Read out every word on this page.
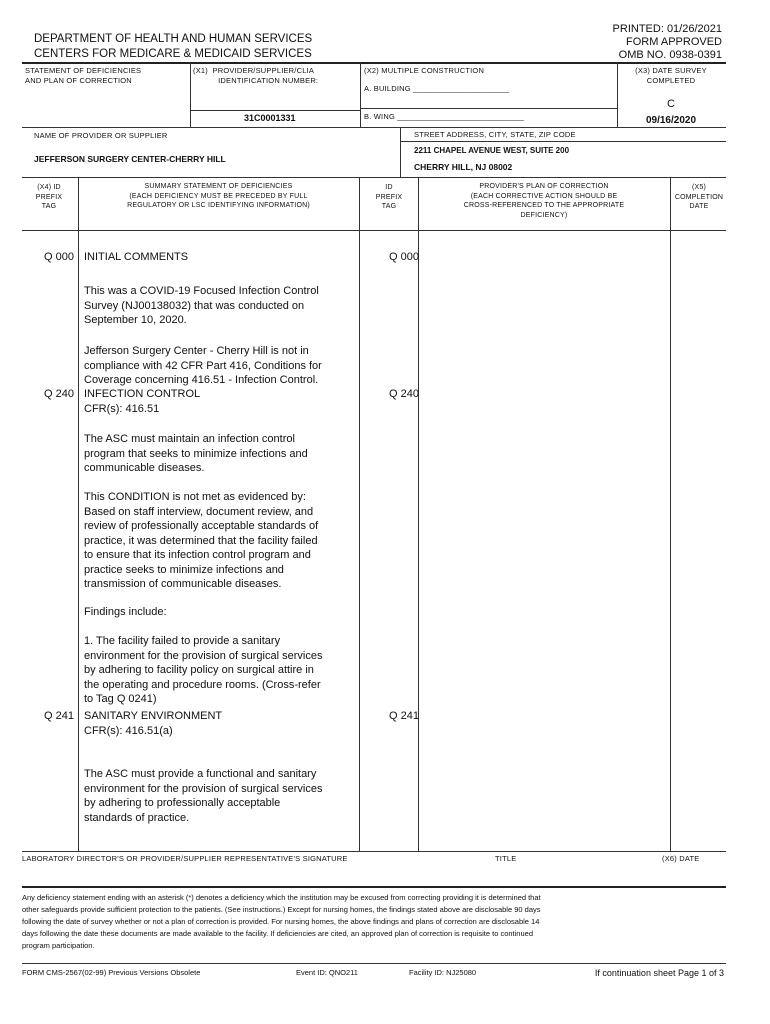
DEPARTMENT OF HEALTH AND HUMAN SERVICES
CENTERS FOR MEDICARE & MEDICAID SERVICES
PRINTED: 01/26/2021
FORM APPROVED
OMB NO. 0938-0391
STATEMENT OF DEFICIENCIES
AND PLAN OF CORRECTION
(X1)  PROVIDER/SUPPLIER/CLIA
IDENTIFICATION NUMBER:
31C0001331
(X2) MULTIPLE CONSTRUCTION
A. BUILDING ______________________
B. WING _____________________________
(X3) DATE SURVEY
COMPLETED
C
09/16/2020
NAME OF PROVIDER OR SUPPLIER
JEFFERSON SURGERY CENTER-CHERRY HILL
STREET ADDRESS, CITY, STATE, ZIP CODE
2211 CHAPEL AVENUE WEST, SUITE 200
CHERRY HILL, NJ 08002
(X4) ID
PREFIX
TAG
SUMMARY STATEMENT OF DEFICIENCIES
(EACH DEFICIENCY MUST BE PRECEDED BY FULL
REGULATORY OR LSC IDENTIFYING INFORMATION)
ID
PREFIX
TAG
PROVIDER'S PLAN OF CORRECTION
(EACH CORRECTIVE ACTION SHOULD BE
CROSS-REFERENCED TO THE APPROPRIATE
DEFICIENCY)
(X5)
COMPLETION
DATE
Q 000	Q 000
INITIAL COMMENTS
This was a COVID-19 Focused Infection Control
Survey (NJ00138032) that was conducted on
September 10, 2020.
Jefferson Surgery Center - Cherry Hill is not in
compliance with 42 CFR Part 416, Conditions for
Coverage concerning 416.51 - Infection Control.
Q 240	Q 240
INFECTION CONTROL
CFR(s): 416.51
The ASC must maintain an infection control
program that seeks to minimize infections and
communicable diseases.
This CONDITION is not met as evidenced by:
Based on staff interview, document review, and
review of professionally acceptable standards of
practice, it was determined that the facility failed
to ensure that its infection control program and
practice seeks to minimize infections and
transmission of communicable diseases.
Findings include:
1. The facility failed to provide a sanitary
environment for the provision of surgical services
by adhering to facility policy on surgical attire in
the operating and procedure rooms. (Cross-refer
to Tag Q 0241)
Q 241	Q 241
SANITARY ENVIRONMENT
CFR(s): 416.51(a)
The ASC must provide a functional and sanitary
environment for the provision of surgical services
by adhering to professionally acceptable
standards of practice.
LABORATORY DIRECTOR'S OR PROVIDER/SUPPLIER REPRESENTATIVE'S SIGNATURE	TITLE	(X6) DATE
Any deficiency statement ending with an asterisk (*) denotes a deficiency which the institution may be excused from correcting providing it is determined that
other safeguards provide sufficient protection to the patients. (See instructions.) Except for nursing homes, the findings stated above are disclosable 90 days
following the date of survey whether or not a plan of correction is provided. For nursing homes, the above findings and plans of correction are disclosable 14
days following the date these documents are made available to the facility. If deficiencies are cited, an approved plan of correction is requisite to continued
program participation.
FORM CMS-2567(02-99) Previous Versions Obsolete	Event ID: QNO211	Facility ID: NJ25080	If continuation sheet Page 1 of 3
